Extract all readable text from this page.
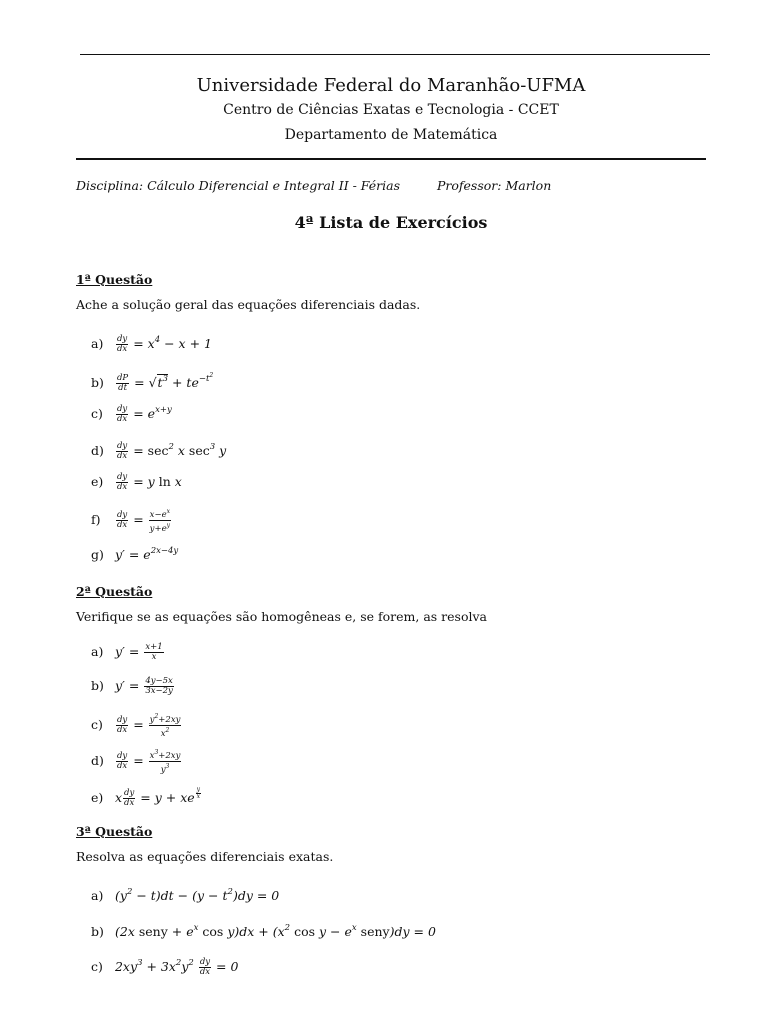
Universidade Federal do Maranhão-UFMA
Centro de Ciências Exatas e Tecnologia - CCET
Departamento de Matemática
Disciplina: Cálculo Diferencial e Integral II - Férias	Professor: Marlon
4ª Lista de Exercícios
1ª Questão
Ache a solução geral das equações diferenciais dadas.
$a) \frac{dy}{dx} = x^4 - x + 1$
$b) \frac{dP}{dt} = √t^3 + te^{-t^2}$
$c) \frac{dy}{dx} = e^{x+y}$
$d) \frac{dy}{dx} = \sec^2 x$ $\sec^3 y$
$e) \frac{dy}{dx} = y$ ln x
$f) \frac{dy}{dx} = \frac{x-e^x}{y+e^y}$
g) $y' = e^{2x-4y}$
2ª Questão
Verifique se as equações são homogêneas e, se forem, as resolva
a) $y' = \frac{x+1}{x}$
b) $y' = \frac{4y-5x}{3x-2y}$
$c) \frac{dy}{dx} = \frac{y^2+2xy}{x^2}$
$d) \frac{dy}{dx} = \frac{x^3+2xy}{y^3}$
e) x $\frac{dy}{dx} = y$ + xe $^{\frac{y}{x}}$
3ª Questão
Resolva as equações diferenciais exatas.
a) $(y^2 - t)dt - (y - t^2)dy = 0$
b) (2x seny + $e^x$ $\cos y)dx + (x^2$ $\cos y - e^x$ seny)dy = 0
c) $2xy^3 + 3x^2y^2 \frac{dy}{dx} = 0$
